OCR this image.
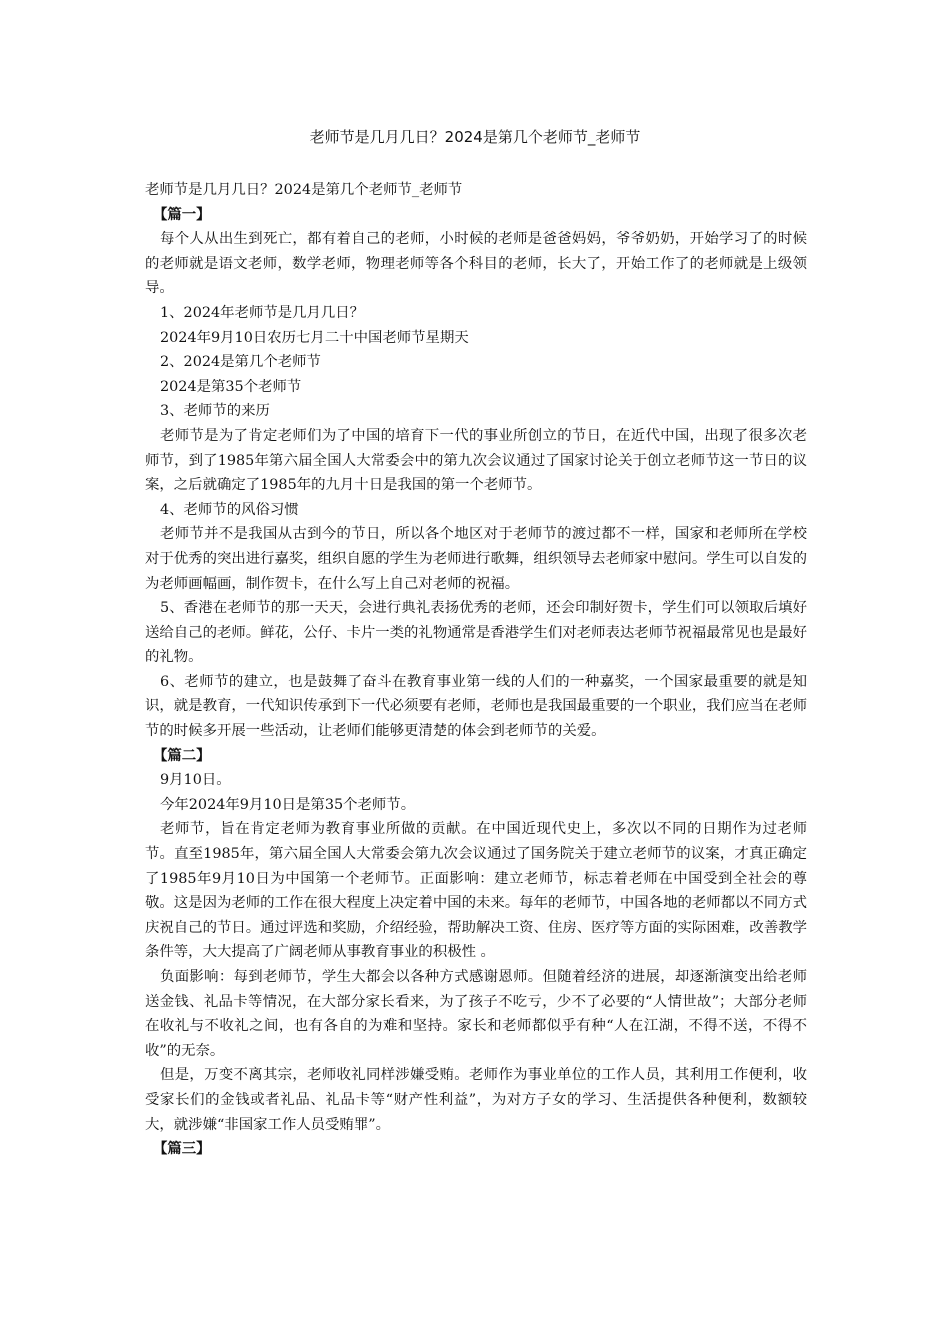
老师节是几月几日？2024是第几个老师节_老师节

老师节是几月几日？2024是第几个老师节_老师节

【篇一】

每个人从出生到死亡，都有着自己的老师，小时候的老师是爸爸妈妈，爷爷奶奶，开始学习了的时候的老师就是语文老师，数学老师，物理老师等各个科目的老师，长大了，开始工作了的老师就是上级领导。

1、2024年老师节是几月几日？

2024年9月10日农历七月二十中国老师节星期天

2、2024是第几个老师节

2024是第35个老师节

3、老师节的来历

老师节是为了肯定老师们为了中国的培育下一代的事业所创立的节日，在近代中国，出现了很多次老师节，到了1985年第六届全国人大常委会中的第九次会议通过了国家讨论关于创立老师节这一节日的议案，之后就确定了1985年的九月十日是我国的第一个老师节。

4、老师节的风俗习惯

老师节并不是我国从古到今的节日，所以各个地区对于老师节的渡过都不一样，国家和老师所在学校对于优秀的突出进行嘉奖，组织自愿的学生为老师进行歌舞，组织领导去老师家中慰问。学生可以自发的为老师画幅画，制作贺卡，在什么写上自己对老师的祝福。

5、香港在老师节的那一天天，会进行典礼表扬优秀的老师，还会印制好贺卡，学生们可以领取后填好送给自己的老师。鲜花，公仔、卡片一类的礼物通常是香港学生们对老师表达老师节祝福最常见也是最好的礼物。

6、老师节的建立，也是鼓舞了奋斗在教育事业第一线的人们的一种嘉奖，一个国家最重要的就是知识，就是教育，一代知识传承到下一代必须要有老师，老师也是我国最重要的一个职业，我们应当在老师节的时候多开展一些活动，让老师们能够更清楚的体会到老师节的关爱。

【篇二】

9月10日。

今年2024年9月10日是第35个老师节。

老师节，旨在肯定老师为教育事业所做的贡献。在中国近现代史上，多次以不同的日期作为过老师节。直至1985年，第六届全国人大常委会第九次会议通过了国务院关于建立老师节的议案，才真正确定了1985年9月10日为中国第一个老师节。正面影响：建立老师节，标志着老师在中国受到全社会的尊敬。这是因为老师的工作在很大程度上决定着中国的未来。每年的老师节，中国各地的老师都以不同方式庆祝自己的节日。通过评选和奖励，介绍经验，帮助解决工资、住房、医疗等方面的实际困难，改善教学条件等，大大提高了广阔老师从事教育事业的积极性 。

负面影响：每到老师节，学生大都会以各种方式感谢恩师。但随着经济的进展，却逐渐演变出给老师送金钱、礼品卡等情况，在大部分家长看来，为了孩子不吃亏，少不了必要的“人情世故”；大部分老师在收礼与不收礼之间，也有各自的为难和坚持。家长和老师都似乎有种“人在江湖，不得不送，不得不收”的无奈。

但是，万变不离其宗，老师收礼同样涉嫌受贿。老师作为事业单位的工作人员，其利用工作便利，收受家长们的金钱或者礼品、礼品卡等“财产性利益”，为对方子女的学习、生活提供各种便利，数额较大，就涉嫌“非国家工作人员受贿罪”。

【篇三】
